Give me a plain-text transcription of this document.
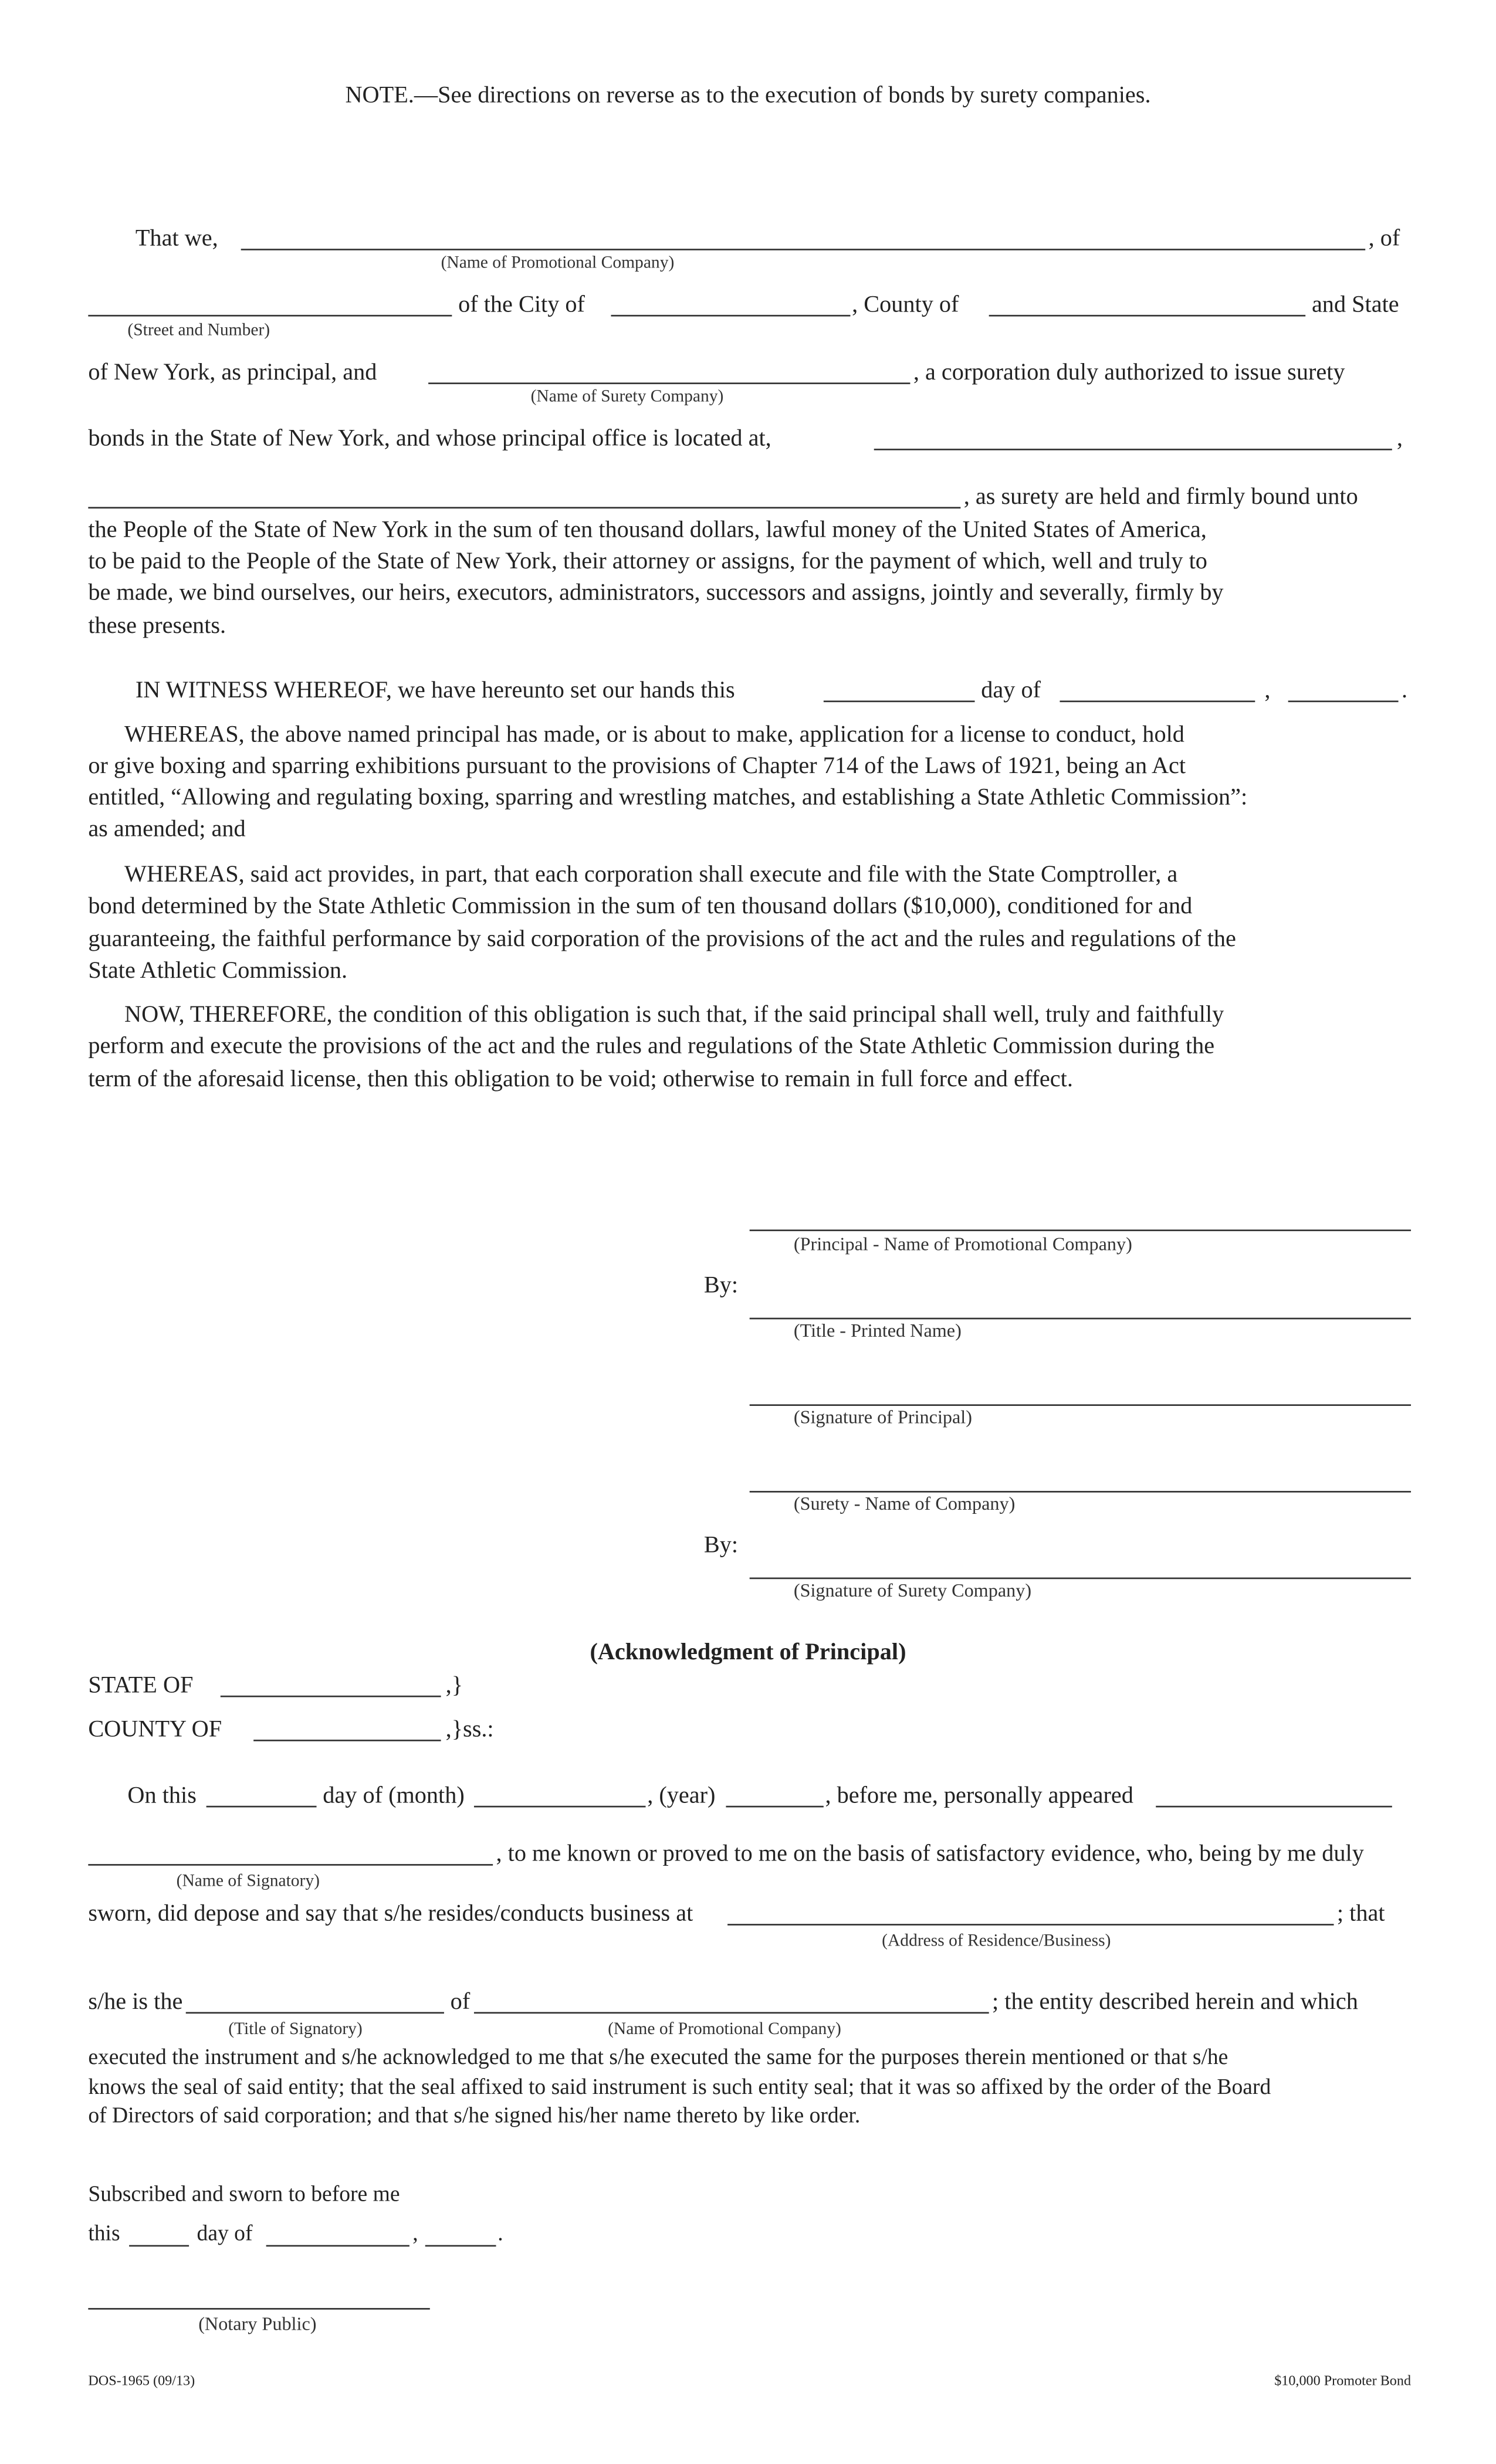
NOTE.—See directions on reverse as to the execution of bonds by surety companies.
That we,	, of
(Name of Promotional Company)
of the City of	, County of	and State
(Street and Number)
of New York, as principal, and	, a corporation duly authorized to issue surety
(Name of Surety Company)
bonds in the State of New York, and whose principal office is located at,	,
, as surety are held and firmly bound unto
the People of the State of New York in the sum of ten thousand dollars, lawful money of the United States of America,
to be paid to the People of the State of New York, their attorney or assigns, for the payment of which, well and truly to
be made, we bind ourselves, our heirs, executors, administrators, successors and assigns, jointly and severally, firmly by
these presents.
IN WITNESS WHEREOF, we have hereunto set our hands this	day of	,	.
WHEREAS, the above named principal has made, or is about to make, application for a license to conduct, hold
or give boxing and sparring exhibitions pursuant to the provisions of Chapter 714 of the Laws of 1921, being an Act
entitled, “Allowing and regulating boxing, sparring and wrestling matches, and establishing a State Athletic Commission”:
as amended; and
WHEREAS, said act provides, in part, that each corporation shall execute and file with the State Comptroller, a
bond determined by the State Athletic Commission in the sum of ten thousand dollars ($10,000), conditioned for and
guaranteeing, the faithful performance by said corporation of the provisions of the act and the rules and regulations of the
State Athletic Commission.
NOW, THEREFORE, the condition of this obligation is such that, if the said principal shall well, truly and faithfully
perform and execute the provisions of the act and the rules and regulations of the State Athletic Commission during the
term of the aforesaid license, then this obligation to be void; otherwise to remain in full force and effect.
(Principal - Name of Promotional Company)
By:
(Title - Printed Name)
(Signature of Principal)
(Surety - Name of Company)
By:
(Signature of Surety Company)
(Acknowledgment of Principal)
STATE OF	,}
COUNTY OF	,}ss.:
On this	day of (month)	, (year)	, before me, personally appeared
, to me known or proved to me on the basis of satisfactory evidence, who, being by me duly
(Name of Signatory)
sworn, did depose and say that s/he resides/conducts business at	; that
(Address of Residence/Business)
s/he is the	of	; the entity described herein and which
(Title of Signatory)	(Name of Promotional Company)
executed the instrument and s/he acknowledged to me that s/he executed the same for the purposes therein mentioned or that s/he
knows the seal of said entity; that the seal affixed to said instrument is such entity seal; that it was so affixed by the order of the Board
of Directors of said corporation; and that s/he signed his/her name thereto by like order.
Subscribed and sworn to before me
this	day of	,	.
(Notary Public)
DOS-1965 (09/13)	$10,000 Promoter Bond
